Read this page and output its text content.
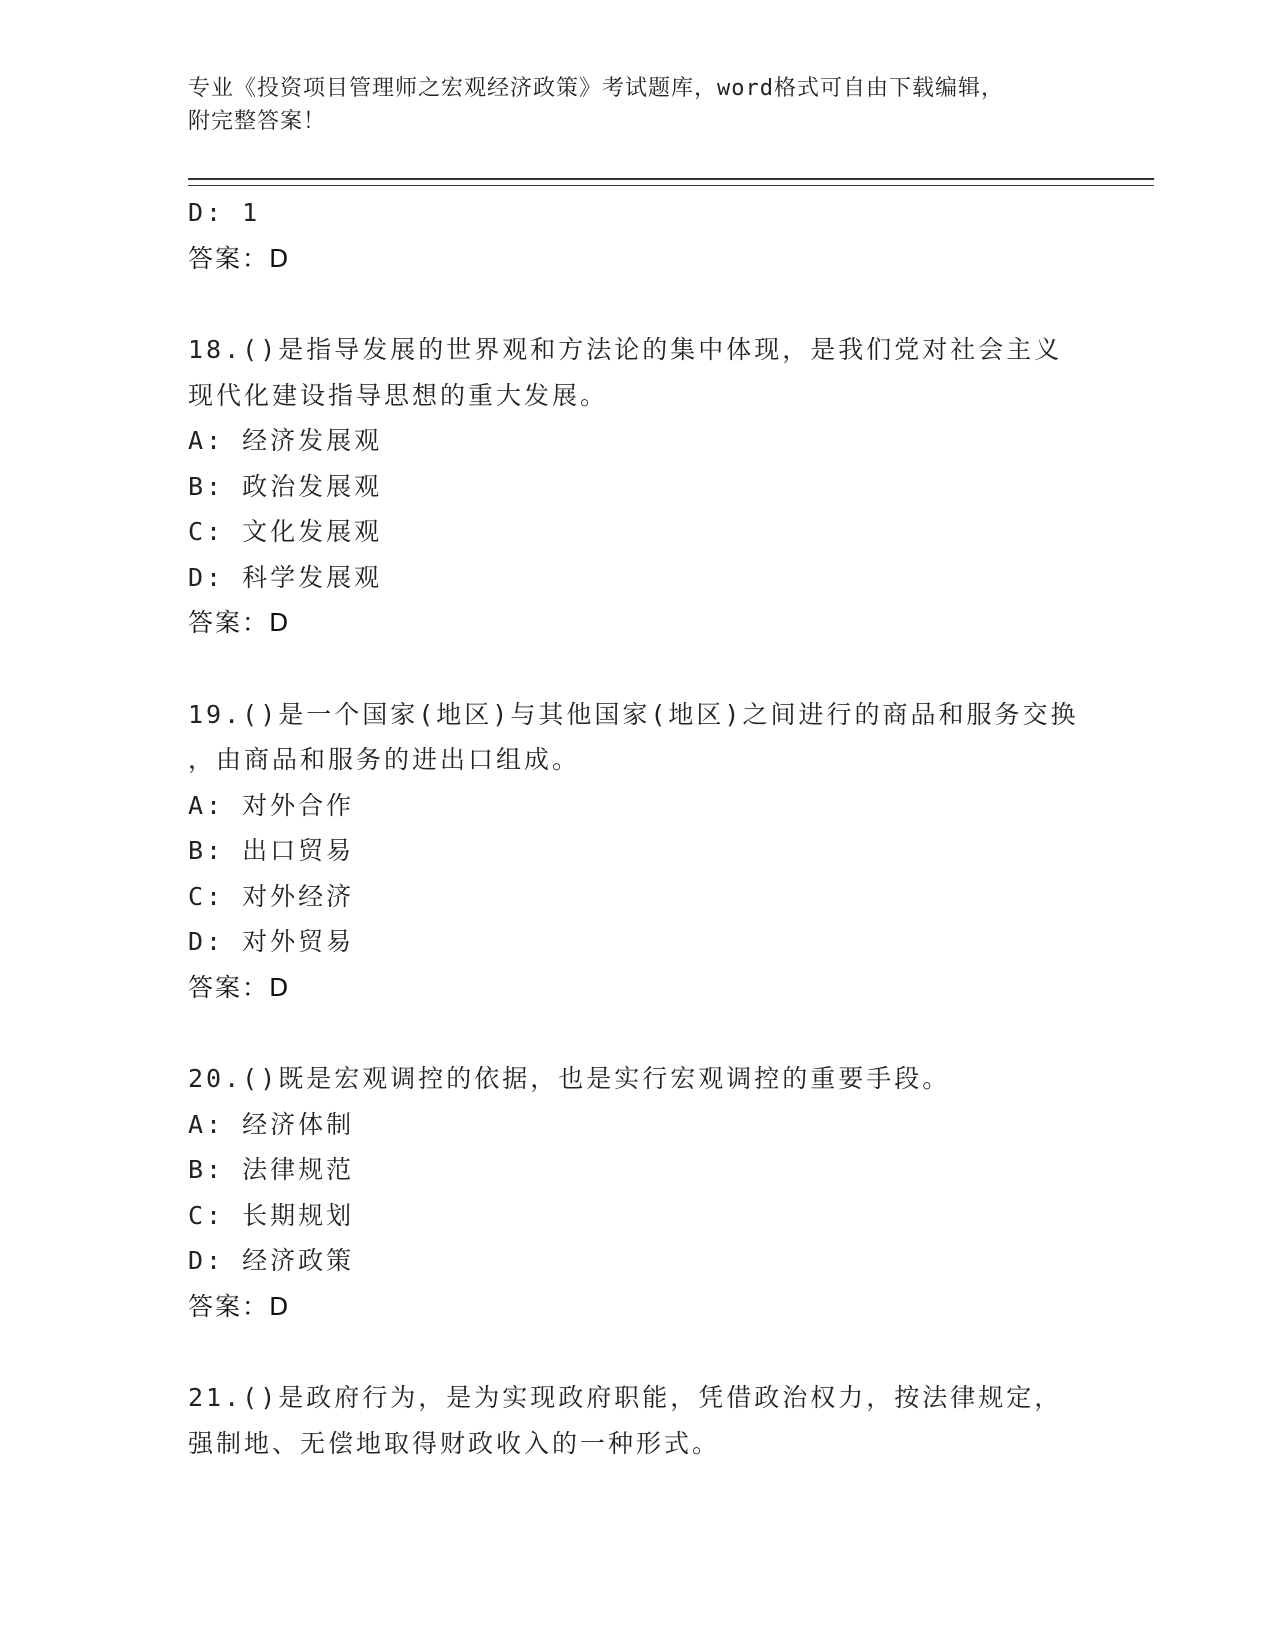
专业《投资项目管理师之宏观经济政策》考试题库，word格式可自由下载编辑，
附完整答案！
D: 1
答案：D
18.()是指导发展的世界观和方法论的集中体现，是我们党对社会主义
现代化建设指导思想的重大发展。
A: 经济发展观
B: 政治发展观
C: 文化发展观
D: 科学发展观
答案：D
19.()是一个国家(地区)与其他国家(地区)之间进行的商品和服务交换
，由商品和服务的进出口组成。
A: 对外合作
B: 出口贸易
C: 对外经济
D: 对外贸易
答案：D
20.()既是宏观调控的依据，也是实行宏观调控的重要手段。
A: 经济体制
B: 法律规范
C: 长期规划
D: 经济政策
答案：D
21.()是政府行为，是为实现政府职能，凭借政治权力，按法律规定，
强制地、无偿地取得财政收入的一种形式。
